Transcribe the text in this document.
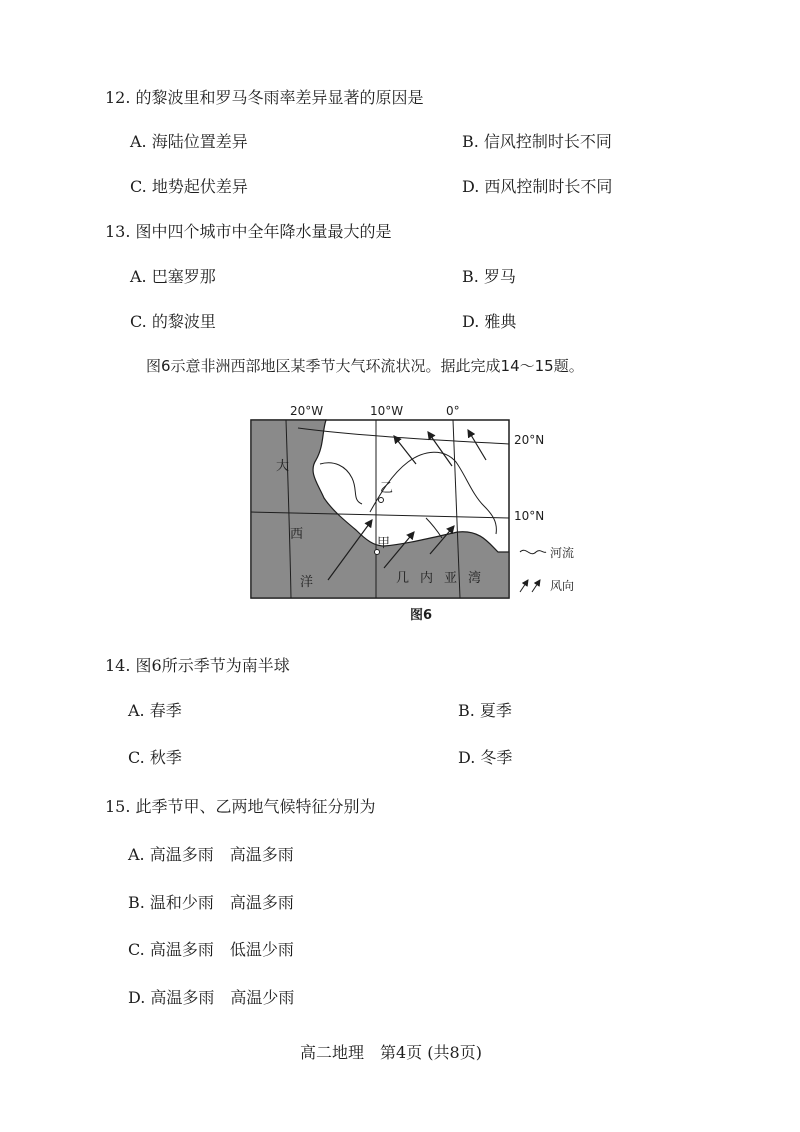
12. 的黎波里和罗马冬雨率差异显著的原因是
A. 海陆位置差异	B. 信风控制时长不同
C. 地势起伏差异	D. 西风控制时长不同
13. 图中四个城市中全年降水量最大的是
A. 巴塞罗那	B. 罗马
C. 的黎波里	D. 雅典
图6示意非洲西部地区某季节大气环流状况。据此完成14～15题。
乙
甲
大
西
洋	几 内 亚 湾
20°W	10°W	0°
20°N
10°N
河流
风向
图6
14. 图6所示季节为南半球
A. 春季	B. 夏季
C. 秋季	D. 冬季
15. 此季节甲、乙两地气候特征分别为
A. 高温多雨　高温多雨
B. 温和少雨　高温多雨
C. 高温多雨　低温少雨
D. 高温多雨　高温少雨
高二地理　第4页 (共8页)
